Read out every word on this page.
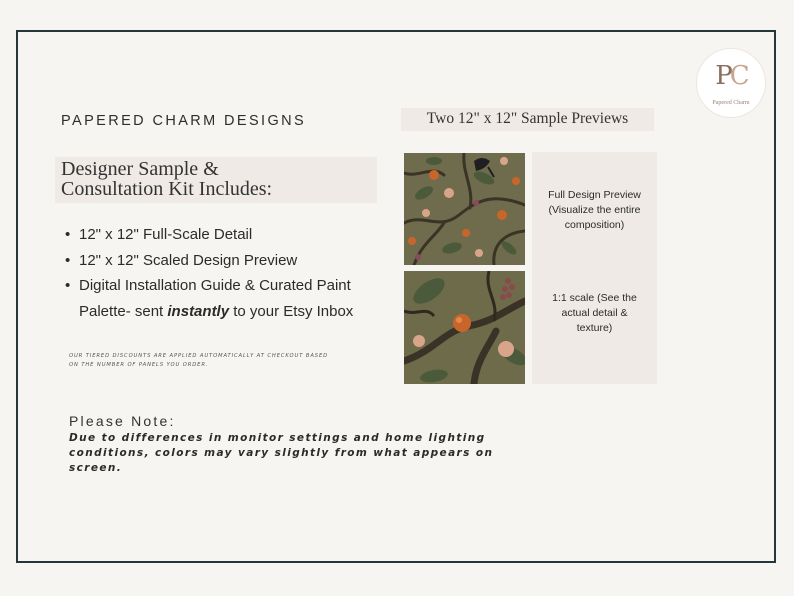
PC
Papered Charm
PAPERED CHARM DESIGNS
Designer Sample &
Consultation Kit Includes:
• 12" x 12" Full-Scale Detail
• 12" x 12" Scaled Design Preview
• Digital Installation Guide & Curated Paint Palette- sent instantly to your Etsy Inbox
OUR TIERED DISCOUNTS ARE APPLIED AUTOMATICALLY AT CHECKOUT BASED ON THE NUMBER OF PANELS YOU ORDER.
Please Note:
Due to differences in monitor settings and home lighting conditions, colors may vary slightly from what appears on screen.
Two 12" x 12" Sample Previews
Full Design Preview (Visualize the entire composition)
1:1 scale (See the actual detail & texture)
